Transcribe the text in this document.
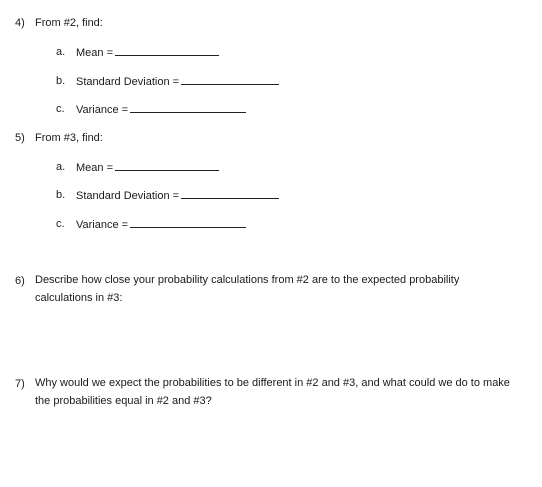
4) From #2, find:
a. Mean =
b. Standard Deviation =
c. Variance =
5) From #3, find:
a. Mean =
b. Standard Deviation =
c. Variance =
6) Describe how close your probability calculations from #2 are to the expected probability calculations in #3:
7) Why would we expect the probabilities to be different in #2 and #3, and what could we do to make the probabilities equal in #2 and #3?
